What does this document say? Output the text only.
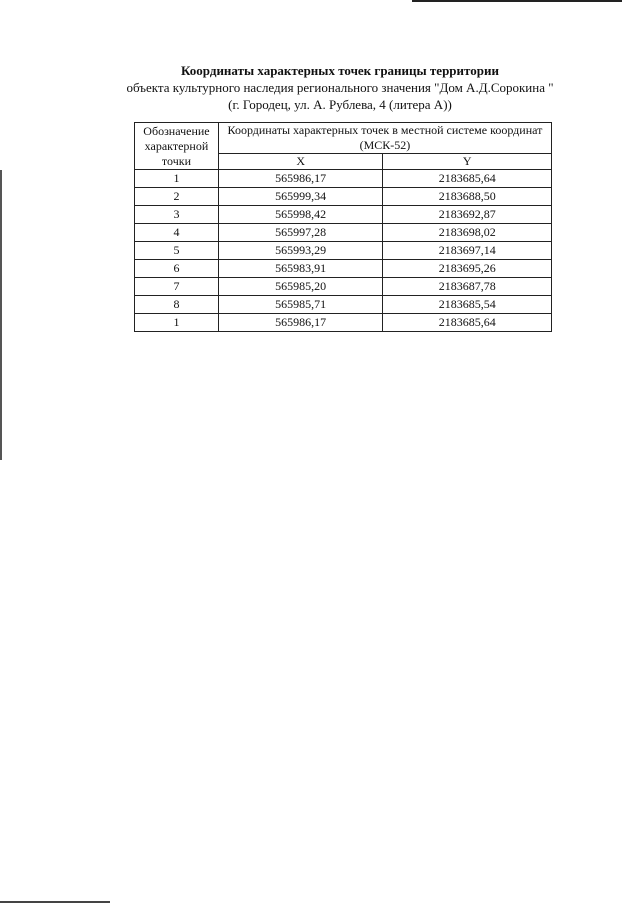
Координаты характерных точек границы территории
объекта культурного наследия регионального значения "Дом А.Д.Сорокина "
(г. Городец, ул. А. Рублева, 4 (литера А))
Обозначение характерной точки	Координаты характерных точек в местной системе координат (МСК-52)	
	X	Y
1	565986,17	2183685,64
2	565999,34	2183688,50
3	565998,42	2183692,87
4	565997,28	2183698,02
5	565993,29	2183697,14
6	565983,91	2183695,26
7	565985,20	2183687,78
8	565985,71	2183685,54
1	565986,17	2183685,64
